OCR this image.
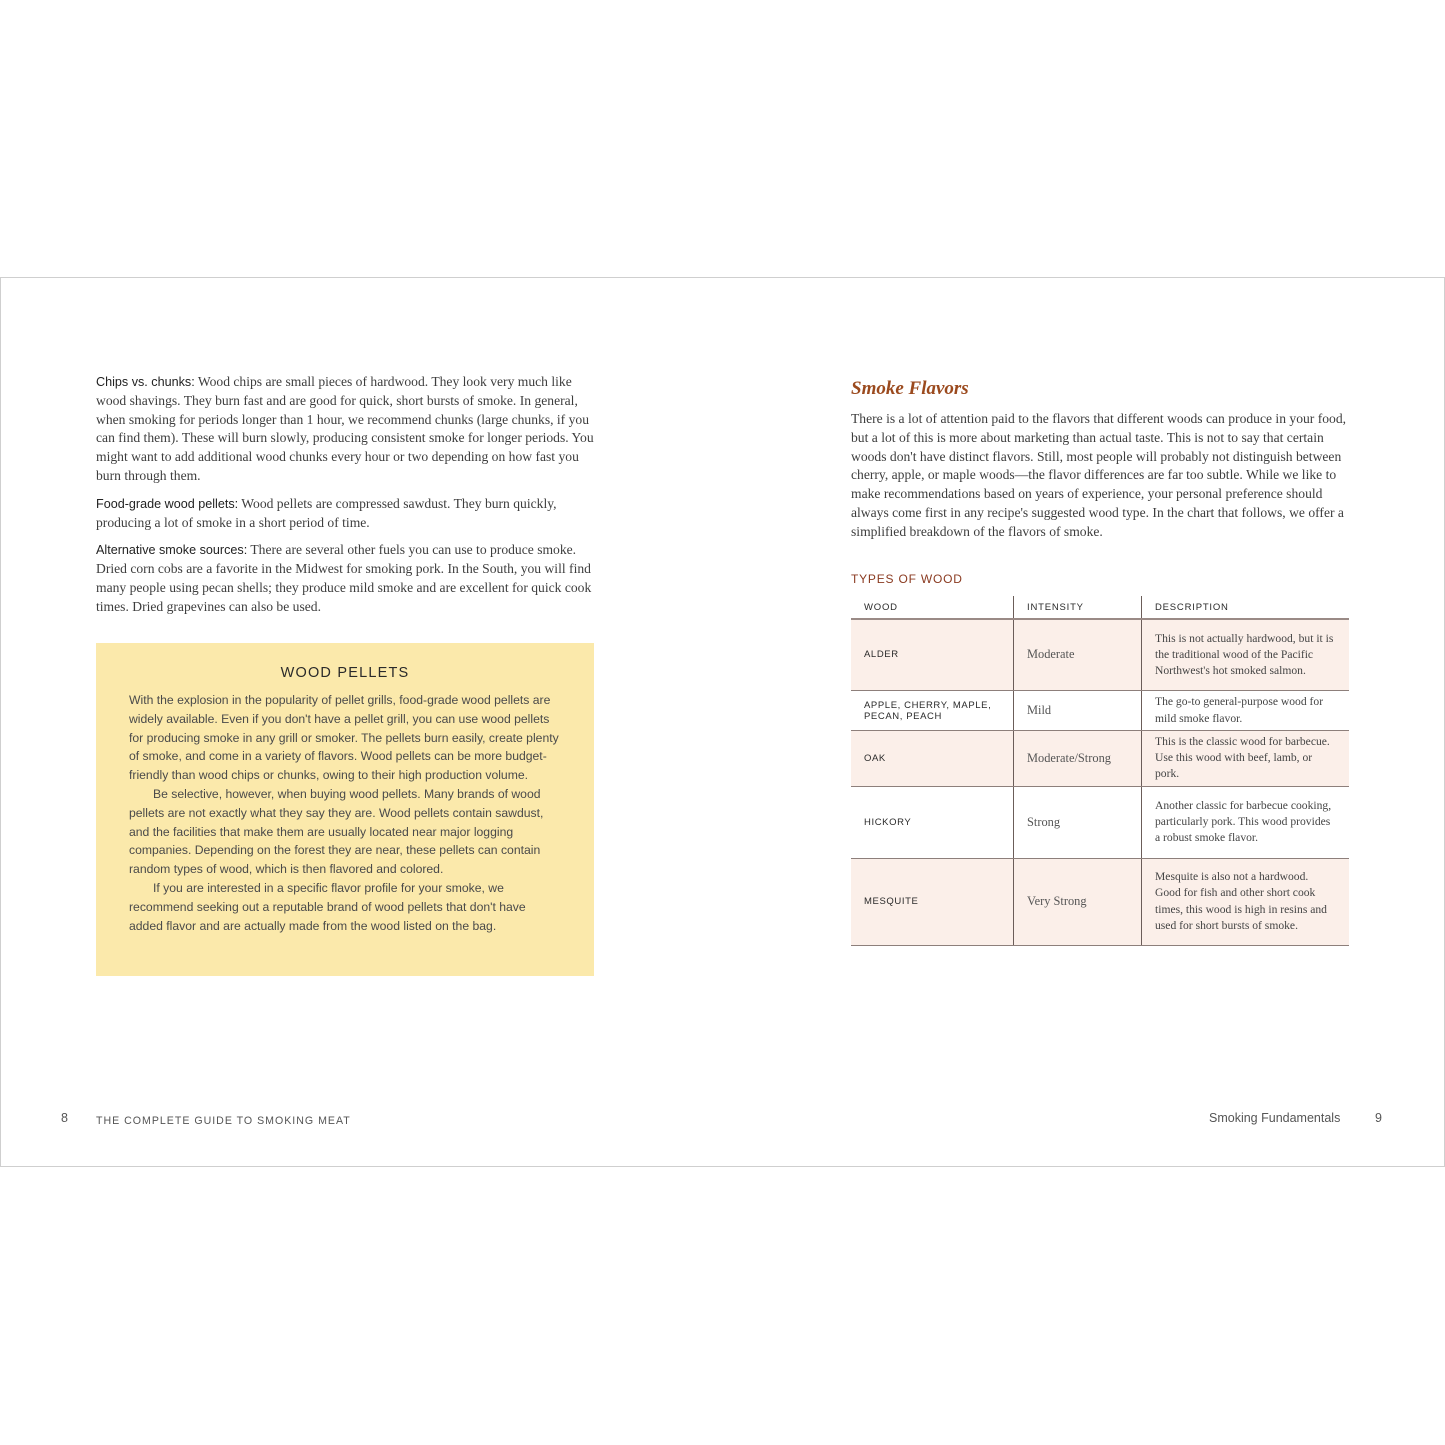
Chips vs. chunks: Wood chips are small pieces of hardwood. They look very much like wood shavings. They burn fast and are good for quick, short bursts of smoke. In general, when smoking for periods longer than 1 hour, we recommend chunks (large chunks, if you can find them). These will burn slowly, producing consistent smoke for longer periods. You might want to add additional wood chunks every hour or two depending on how fast you burn through them.

Food-grade wood pellets: Wood pellets are compressed sawdust. They burn quickly, producing a lot of smoke in a short period of time.

Alternative smoke sources: There are several other fuels you can use to produce smoke. Dried corn cobs are a favorite in the Midwest for smoking pork. In the South, you will find many people using pecan shells; they produce mild smoke and are excellent for quick cook times. Dried grapevines can also be used.

WOOD PELLETS

With the explosion in the popularity of pellet grills, food-grade wood pellets are widely available. Even if you don't have a pellet grill, you can use wood pellets for producing smoke in any grill or smoker. The pellets burn easily, create plenty of smoke, and come in a variety of flavors. Wood pellets can be more budget-friendly than wood chips or chunks, owing to their high production volume.

Be selective, however, when buying wood pellets. Many brands of wood pellets are not exactly what they say they are. Wood pellets contain sawdust, and the facilities that make them are usually located near major logging companies. Depending on the forest they are near, these pellets can contain random types of wood, which is then flavored and colored.

If you are interested in a specific flavor profile for your smoke, we recommend seeking out a reputable brand of wood pellets that don't have added flavor and are actually made from the wood listed on the bag.

8	THE COMPLETE GUIDE TO SMOKING MEAT
Smoke Flavors

There is a lot of attention paid to the flavors that different woods can produce in your food, but a lot of this is more about marketing than actual taste. This is not to say that certain woods don't have distinct flavors. Still, most people will probably not distinguish between cherry, apple, or maple woods—the flavor differences are far too subtle. While we like to make recommendations based on years of experience, your personal preference should always come first in any recipe's suggested wood type. In the chart that follows, we offer a simplified breakdown of the flavors of smoke.

TYPES OF WOOD
WOOD	INTENSITY	DESCRIPTION
ALDER	Moderate	This is not actually hardwood, but it is the traditional wood of the Pacific Northwest's hot smoked salmon.
APPLE, CHERRY, MAPLE, PECAN, PEACH	Mild	The go-to general-purpose wood for mild smoke flavor.
OAK	Moderate/Strong	This is the classic wood for barbecue. Use this wood with beef, lamb, or pork.
HICKORY	Strong	Another classic for barbecue cooking, particularly pork. This wood provides a robust smoke flavor.
MESQUITE	Very Strong	Mesquite is also not a hardwood. Good for fish and other short cook times, this wood is high in resins and used for short bursts of smoke.
Smoking Fundamentals	9
